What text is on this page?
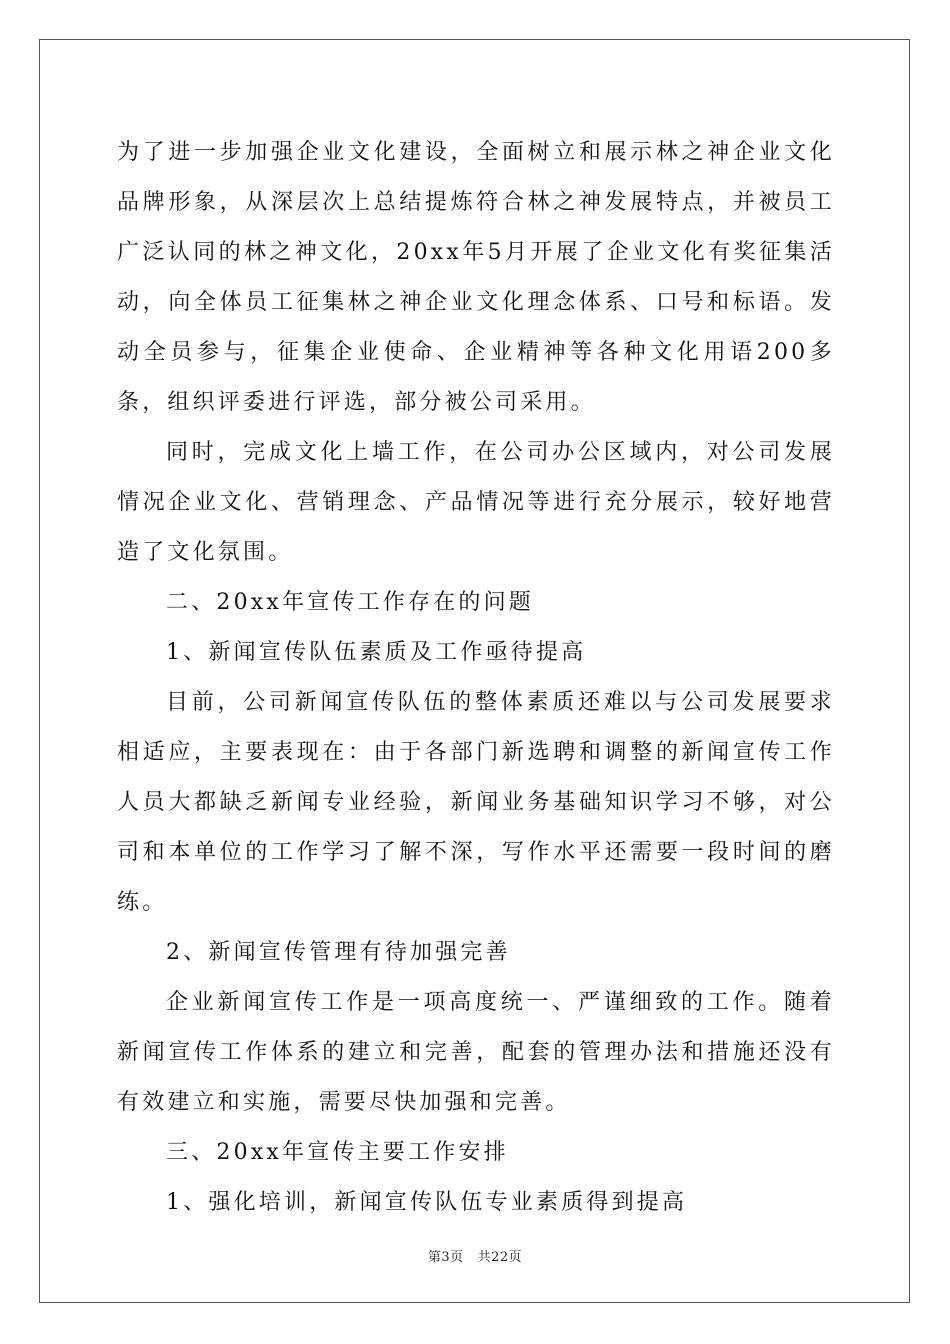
为了进一步加强企业文化建设，全面树立和展示林之神企业文化品牌形象，从深层次上总结提炼符合林之神发展特点，并被员工广泛认同的林之神文化，20xx年5月开展了企业文化有奖征集活动，向全体员工征集林之神企业文化理念体系、口号和标语。发动全员参与，征集企业使命、企业精神等各种文化用语200多条，组织评委进行评选，部分被公司采用。

同时，完成文化上墙工作，在公司办公区域内，对公司发展情况企业文化、营销理念、产品情况等进行充分展示，较好地营造了文化氛围。

二、20xx年宣传工作存在的问题

1、新闻宣传队伍素质及工作亟待提高

目前，公司新闻宣传队伍的整体素质还难以与公司发展要求相适应，主要表现在：由于各部门新选聘和调整的新闻宣传工作人员大都缺乏新闻专业经验，新闻业务基础知识学习不够，对公司和本单位的工作学习了解不深，写作水平还需要一段时间的磨练。

2、新闻宣传管理有待加强完善

企业新闻宣传工作是一项高度统一、严谨细致的工作。随着新闻宣传工作体系的建立和完善，配套的管理办法和措施还没有有效建立和实施，需要尽快加强和完善。

三、20xx年宣传主要工作安排

1、强化培训，新闻宣传队伍专业素质得到提高

第3页 共22页
